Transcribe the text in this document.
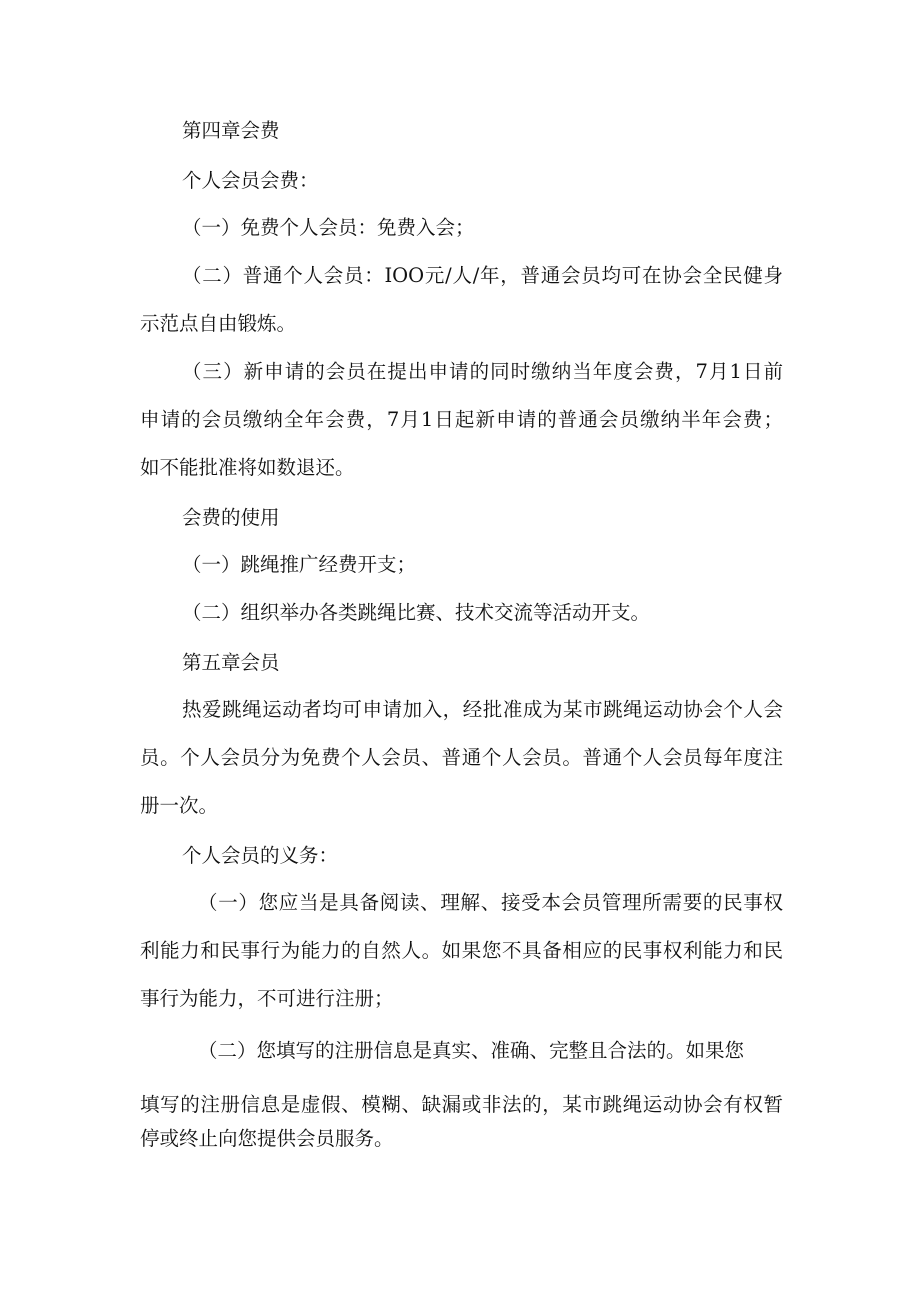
第四章会费
个人会员会费：
（一）免费个人会员：免费入会；
（二）普通个人会员：IOO元/人/年，普通会员均可在协会全民健身
示范点自由锻炼。
（三）新申请的会员在提出申请的同时缴纳当年度会费，7月1日前
申请的会员缴纳全年会费，7月1日起新申请的普通会员缴纳半年会费；
如不能批准将如数退还。
会费的使用
（一）跳绳推广经费开支；
（二）组织举办各类跳绳比赛、技术交流等活动开支。
第五章会员
热爱跳绳运动者均可申请加入，经批准成为某市跳绳运动协会个人会
员。个人会员分为免费个人会员、普通个人会员。普通个人会员每年度注
册一次。
个人会员的义务：
（一）您应当是具备阅读、理解、接受本会员管理所需要的民事权
利能力和民事行为能力的自然人。如果您不具备相应的民事权利能力和民
事行为能力，不可进行注册；
（二）您填写的注册信息是真实、准确、完整且合法的。如果您
填写的注册信息是虚假、模糊、缺漏或非法的，某市跳绳运动协会有权暂
停或终止向您提供会员服务。
